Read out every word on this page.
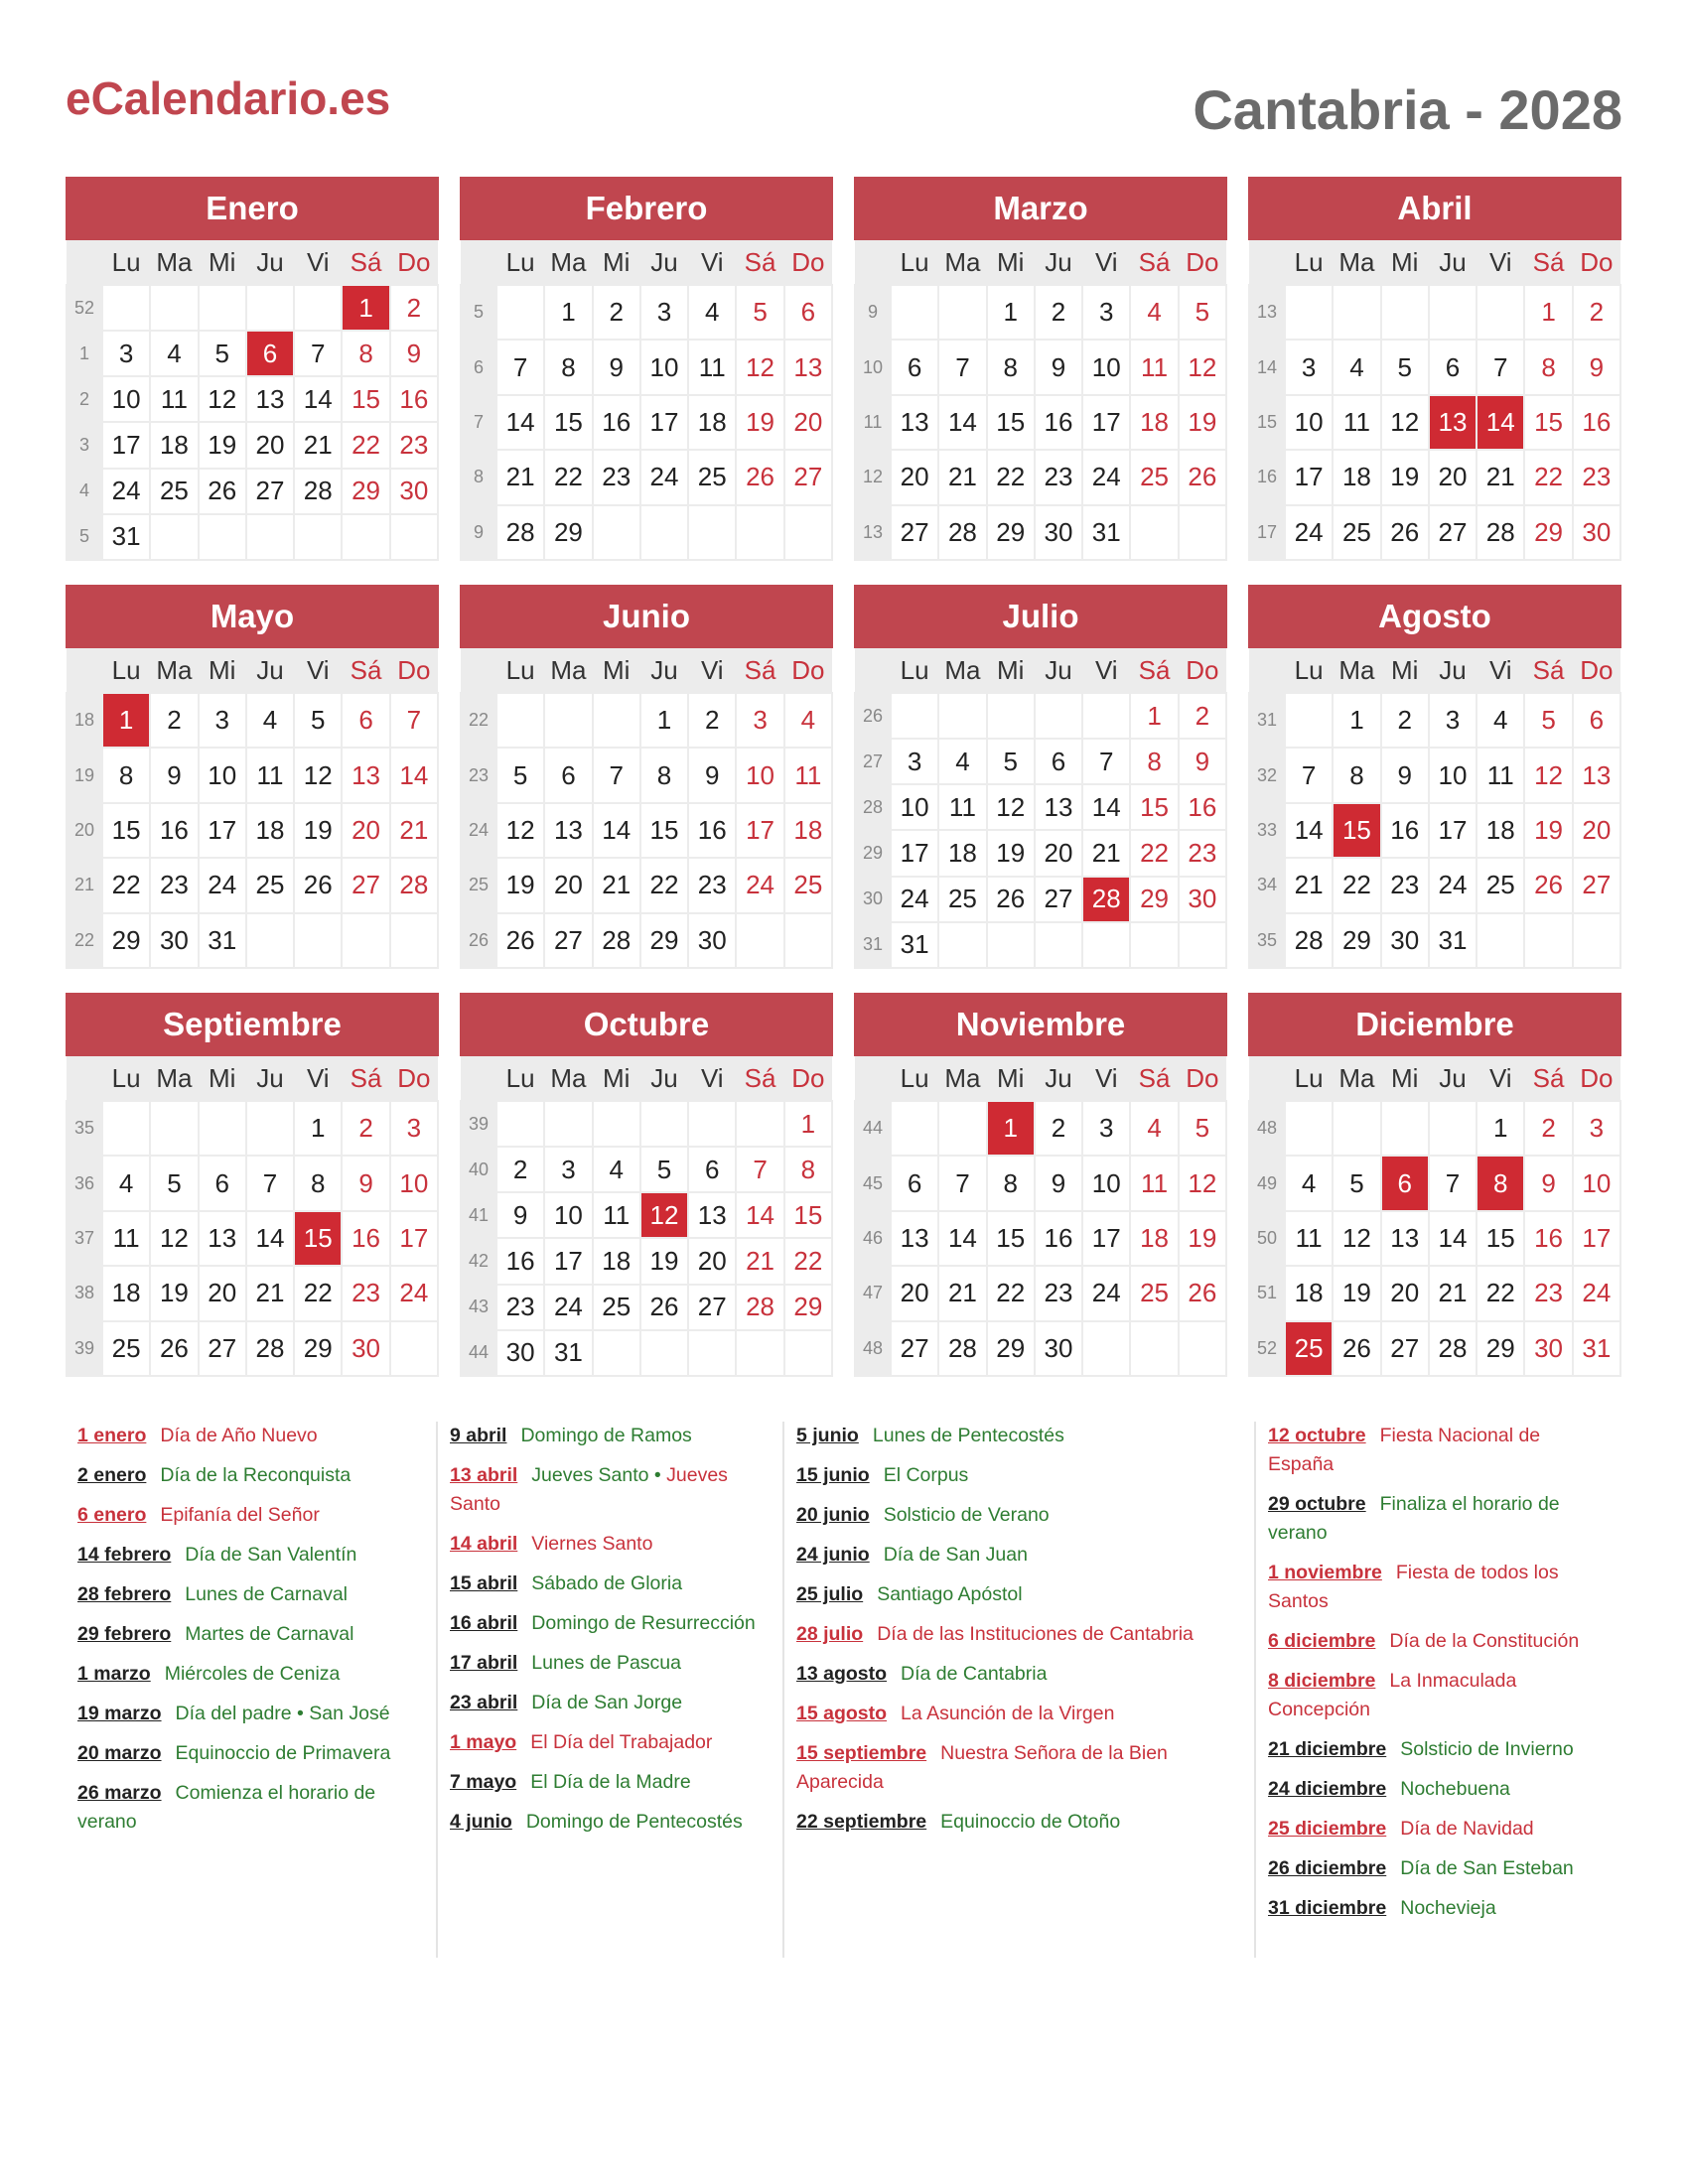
eCalendario.es	Cantabria - 2028
Enero
	Lu	Ma	Mi	Ju	Vi	Sá	Do
52						1	2
1	3	4	5	6	7	8	9
2	10	11	12	13	14	15	16
3	17	18	19	20	21	22	23
4	24	25	26	27	28	29	30
5	31						
Febrero
	Lu	Ma	Mi	Ju	Vi	Sá	Do
5		1	2	3	4	5	6
6	7	8	9	10	11	12	13
7	14	15	16	17	18	19	20
8	21	22	23	24	25	26	27
9	28	29					
Marzo
	Lu	Ma	Mi	Ju	Vi	Sá	Do
9			1	2	3	4	5
10	6	7	8	9	10	11	12
11	13	14	15	16	17	18	19
12	20	21	22	23	24	25	26
13	27	28	29	30	31		
Abril
	Lu	Ma	Mi	Ju	Vi	Sá	Do
13						1	2
14	3	4	5	6	7	8	9
15	10	11	12	13	14	15	16
16	17	18	19	20	21	22	23
17	24	25	26	27	28	29	30
Mayo
	Lu	Ma	Mi	Ju	Vi	Sá	Do
18	1	2	3	4	5	6	7
19	8	9	10	11	12	13	14
20	15	16	17	18	19	20	21
21	22	23	24	25	26	27	28
22	29	30	31				
Junio
	Lu	Ma	Mi	Ju	Vi	Sá	Do
22				1	2	3	4
23	5	6	7	8	9	10	11
24	12	13	14	15	16	17	18
25	19	20	21	22	23	24	25
26	26	27	28	29	30		
Julio
	Lu	Ma	Mi	Ju	Vi	Sá	Do
26						1	2
27	3	4	5	6	7	8	9
28	10	11	12	13	14	15	16
29	17	18	19	20	21	22	23
30	24	25	26	27	28	29	30
31	31						
Agosto
	Lu	Ma	Mi	Ju	Vi	Sá	Do
31		1	2	3	4	5	6
32	7	8	9	10	11	12	13
33	14	15	16	17	18	19	20
34	21	22	23	24	25	26	27
35	28	29	30	31			
Septiembre
	Lu	Ma	Mi	Ju	Vi	Sá	Do
35					1	2	3
36	4	5	6	7	8	9	10
37	11	12	13	14	15	16	17
38	18	19	20	21	22	23	24
39	25	26	27	28	29	30	
Octubre
	Lu	Ma	Mi	Ju	Vi	Sá	Do
39							1
40	2	3	4	5	6	7	8
41	9	10	11	12	13	14	15
42	16	17	18	19	20	21	22
43	23	24	25	26	27	28	29
44	30	31					
Noviembre
	Lu	Ma	Mi	Ju	Vi	Sá	Do
44			1	2	3	4	5
45	6	7	8	9	10	11	12
46	13	14	15	16	17	18	19
47	20	21	22	23	24	25	26
48	27	28	29	30			
Diciembre
	Lu	Ma	Mi	Ju	Vi	Sá	Do
48					1	2	3
49	4	5	6	7	8	9	10
50	11	12	13	14	15	16	17
51	18	19	20	21	22	23	24
52	25	26	27	28	29	30	31
1 enero Día de Año Nuevo
2 enero Día de la Reconquista
6 enero Epifanía del Señor
14 febrero Día de San Valentín
28 febrero Lunes de Carnaval
29 febrero Martes de Carnaval
1 marzo Miércoles de Ceniza
19 marzo Día del padre • San José
20 marzo Equinoccio de Primavera
26 marzo Comienza el horario de verano
9 abril Domingo de Ramos
13 abril Jueves Santo • Jueves Santo
14 abril Viernes Santo
15 abril Sábado de Gloria
16 abril Domingo de Resurrección
17 abril Lunes de Pascua
23 abril Día de San Jorge
1 mayo El Día del Trabajador
7 mayo El Día de la Madre
4 junio Domingo de Pentecostés
5 junio Lunes de Pentecostés
15 junio El Corpus
20 junio Solsticio de Verano
24 junio Día de San Juan
25 julio Santiago Apóstol
28 julio Día de las Instituciones de Cantabria
13 agosto Día de Cantabria
15 agosto La Asunción de la Virgen
15 septiembre Nuestra Señora de la Bien Aparecida
22 septiembre Equinoccio de Otoño
12 octubre Fiesta Nacional de España
29 octubre Finaliza el horario de verano
1 noviembre Fiesta de todos los Santos
6 diciembre Día de la Constitución
8 diciembre La Inmaculada Concepción
21 diciembre Solsticio de Invierno
24 diciembre Nochebuena
25 diciembre Día de Navidad
26 diciembre Día de San Esteban
31 diciembre Nochevieja
